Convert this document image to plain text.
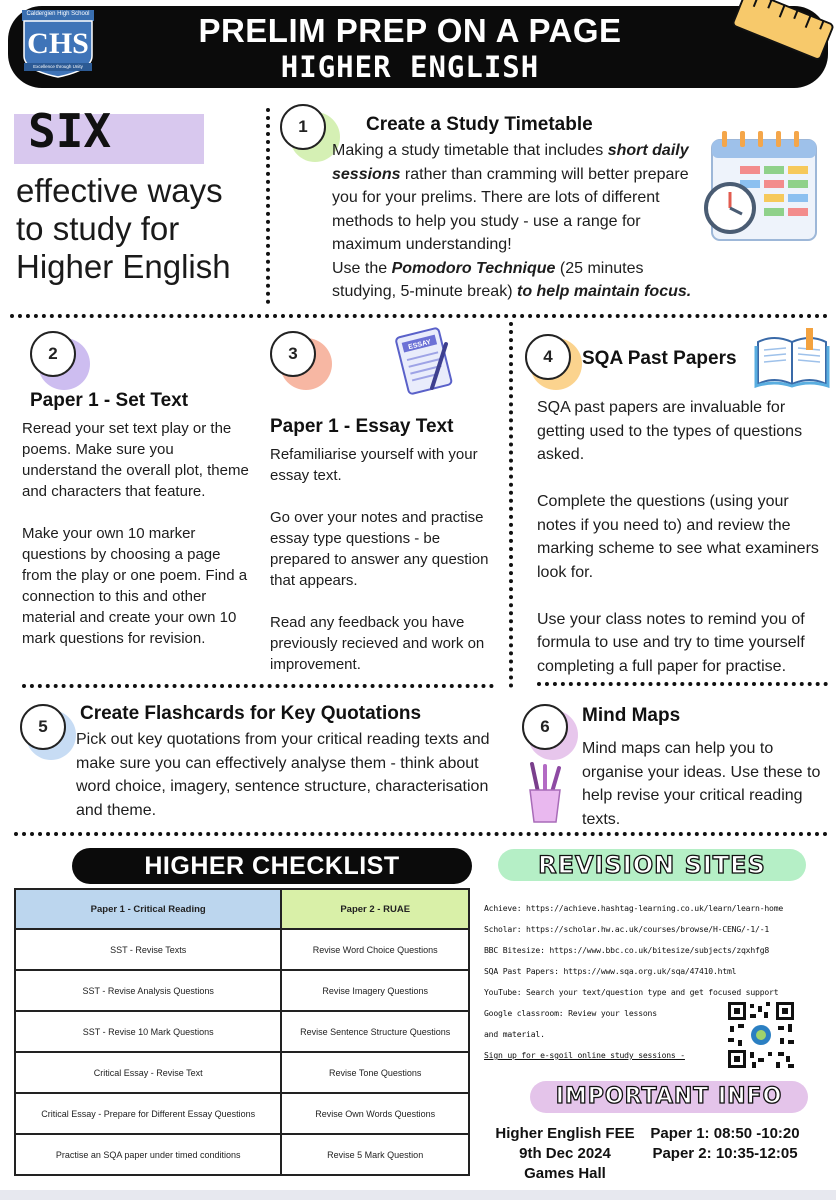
CHS
Caldergien High School
Excellence through Unity
PRELIM PREP ON A PAGE
HIGHER ENGLISH
SIX
effective ways
to study for
Higher English
1	Create a Study Timetable
Making a study timetable that includes short daily sessions rather than cramming will better prepare you for your prelims. There are lots of different methods to help you study - use a range for maximum understanding!
Use the Pomodoro Technique (25 minutes studying, 5-minute break) to help maintain focus.
2
Paper 1 - Set Text
Reread your set text play or the poems. Make sure you understand the overall plot, theme and characters that feature.
Make your own 10 marker questions by choosing a page from the play or one poem. Find a connection to this and other material and create your own 10 mark questions for revision.
3	ESSAY
Paper 1 - Essay Text
Refamiliarise yourself with your essay text.
Go over your notes and practise essay type questions - be prepared to answer any question that appears.
Read any feedback you have previously recieved and work on improvement.
4	SQA Past Papers
SQA past papers are invaluable for getting used to the types of questions asked.
Complete the questions (using your notes if you need to) and review the marking scheme to see what examiners look for.
Use your class notes to remind you of formula to use and try to time yourself completing a full paper for practise.
5
Create Flashcards for Key Quotations
Pick out key quotations from your critical reading texts and make sure you can effectively analyse them - think about word choice, imagery, sentence structure, characterisation and theme.
6
Mind Maps
Mind maps can help you to organise your ideas. Use these to help revise your critical reading texts.
HIGHER CHECKLIST
Paper 1 - Critical Reading	Paper 2 - RUAE
SST - Revise Texts	Revise Word Choice Questions
SST - Revise Analysis Questions	Revise Imagery Questions
SST - Revise 10 Mark Questions	Revise Sentence Structure Questions
Critical Essay - Revise Text	Revise Tone Questions
Critical Essay - Prepare for Different Essay Questions	Revise Own Words Questions
Practise an SQA paper under timed conditions	Revise 5 Mark Question
REVISION SITES
Achieve: https://achieve.hashtag-learning.co.uk/learn/learn-home
Scholar: https://scholar.hw.ac.uk/courses/browse/H-CENG/-1/-1
BBC Bitesize: https://www.bbc.co.uk/bitesize/subjects/zqxhfg8
SQA Past Papers: https://www.sqa.org.uk/sqa/47410.html
YouTube: Search your text/question type and get focused support
Google classroom: Review your lessons
and material.
Sign up for e-sgoil online study sessions -
IMPORTANT INFO
Higher English FEE
9th Dec 2024
Games Hall
Paper 1: 08:50 -10:20
Paper 2: 10:35-12:05
